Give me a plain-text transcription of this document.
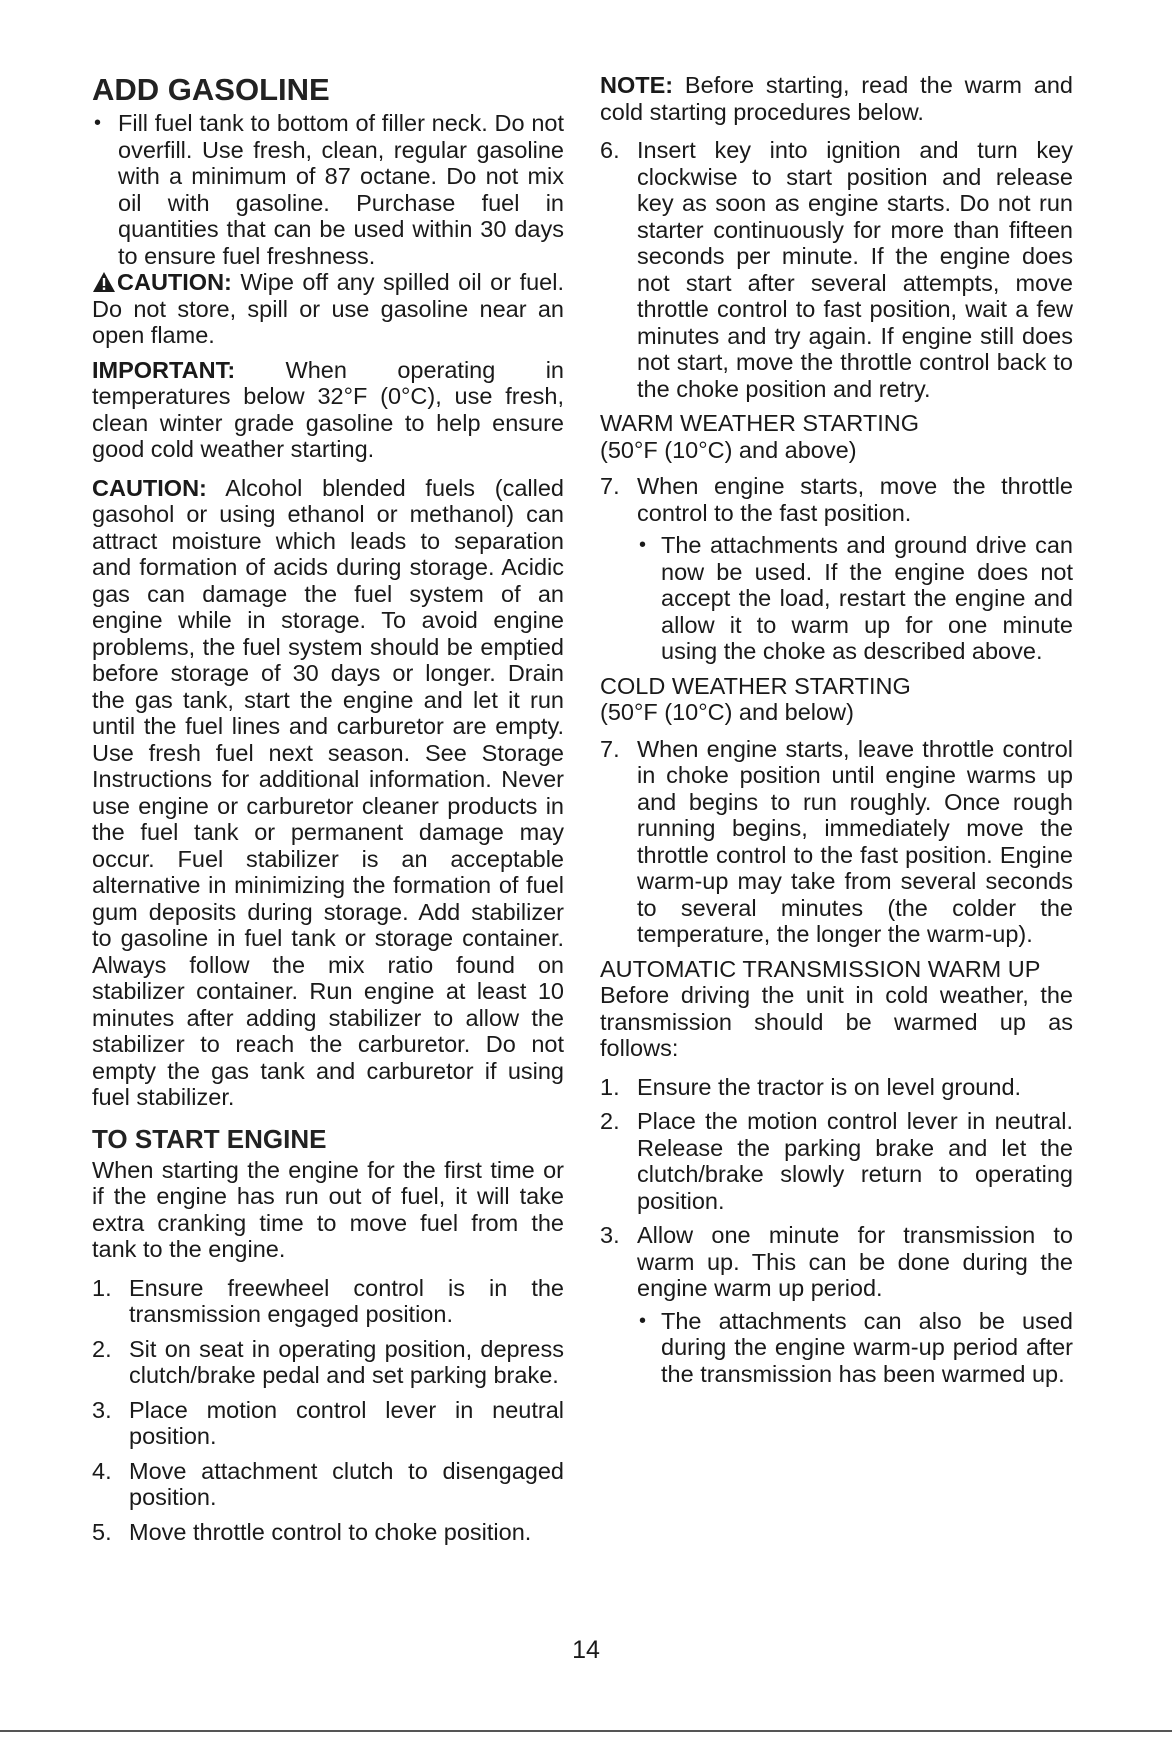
ADD GASOLINE
• Fill fuel tank to bottom of filler neck. Do not overfill. Use fresh, clean, regular gasoline with a minimum of 87 octane. Do not mix oil with gasoline. Purchase fuel in quantities that can be used within 30 days to ensure fuel freshness.
CAUTION: Wipe off any spilled oil or fuel. Do not store, spill or use gasoline near an open flame.

IMPORTANT: When operating in temperatures below 32°F (0°C), use fresh, clean winter grade gasoline to help ensure good cold weather starting.

CAUTION: Alcohol blended fuels (called gasohol or using ethanol or methanol) can attract moisture which leads to separation and formation of acids during storage. Acidic gas can damage the fuel system of an engine while in storage. To avoid engine problems, the fuel system should be emptied before storage of 30 days or longer. Drain the gas tank, start the engine and let it run until the fuel lines and carburetor are empty. Use fresh fuel next season. See Storage Instructions for additional information. Never use engine or carburetor cleaner products in the fuel tank or permanent damage may occur. Fuel stabilizer is an acceptable alternative in minimizing the formation of fuel gum deposits during storage. Add stabilizer to gasoline in fuel tank or storage container. Always follow the mix ratio found on stabilizer container. Run engine at least 10 minutes after adding stabilizer to allow the stabilizer to reach the carburetor. Do not empty the gas tank and carburetor if using fuel stabilizer.

TO START ENGINE

When starting the engine for the first time or if the engine has run out of fuel, it will take extra cranking time to move fuel from the tank to the engine.

1. Ensure freewheel control is in the transmission engaged position.
2. Sit on seat in operating position, depress clutch/brake pedal and set parking brake.
3. Place motion control lever in neutral position.
4. Move attachment clutch to disengaged position.
5. Move throttle control to choke position.

NOTE: Before starting, read the warm and cold starting procedures below.

6. Insert key into ignition and turn key clockwise to start position and release key as soon as engine starts. Do not run starter continuously for more than fifteen seconds per minute. If the engine does not start after several attempts, move throttle control to fast position, wait a few minutes and try again. If engine still does not start, move the throttle control back to the choke position and retry.
WARM WEATHER STARTING
(50°F (10°C) and above)
7. When engine starts, move the throttle control to the fast position.
• The attachments and ground drive can now be used. If the engine does not accept the load, restart the engine and allow it to warm up for one minute using the choke as described above.
COLD WEATHER STARTING
(50°F (10°C) and below)
7. When engine starts, leave throttle control in choke position until engine warms up and begins to run roughly. Once rough running begins, immediately move the throttle control to the fast position. Engine warm-up may take from several seconds to several minutes (the colder the temperature, the longer the warm-up).
AUTOMATIC TRANSMISSION WARM UP

Before driving the unit in cold weather, the transmission should be warmed up as follows:

1. Ensure the tractor is on level ground.
2. Place the motion control lever in neutral. Release the parking brake and let the clutch/brake slowly return to operating position.
3. Allow one minute for transmission to warm up. This can be done during the engine warm up period.
• The attachments can also be used during the engine warm-up period after the transmission has been warmed up.
14
